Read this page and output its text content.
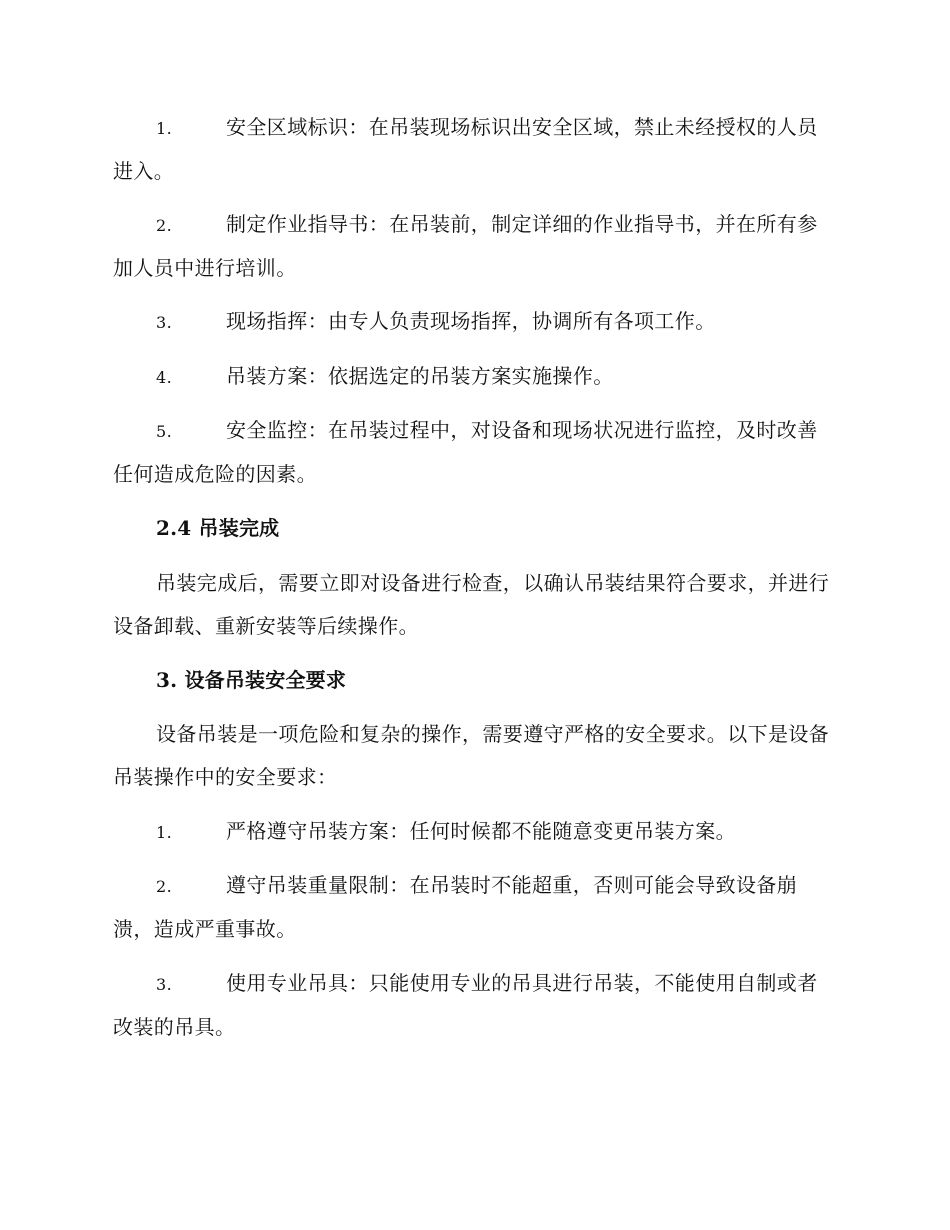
1.	安全区域标识：在吊装现场标识出安全区域，禁止未经授权的人员进入。
2.	制定作业指导书：在吊装前，制定详细的作业指导书，并在所有参加人员中进行培训。
3.	现场指挥：由专人负责现场指挥，协调所有各项工作。
4.	吊装方案：依据选定的吊装方案实施操作。
5.	安全监控：在吊装过程中，对设备和现场状况进行监控，及时改善任何造成危险的因素。
2.4 吊装完成
吊装完成后，需要立即对设备进行检查，以确认吊装结果符合要求，并进行设备卸载、重新安装等后续操作。
3. 设备吊装安全要求
设备吊装是一项危险和复杂的操作，需要遵守严格的安全要求。以下是设备吊装操作中的安全要求：
1.	严格遵守吊装方案：任何时候都不能随意变更吊装方案。
2.	遵守吊装重量限制：在吊装时不能超重，否则可能会导致设备崩溃，造成严重事故。
3.	使用专业吊具：只能使用专业的吊具进行吊装，不能使用自制或者改装的吊具。
